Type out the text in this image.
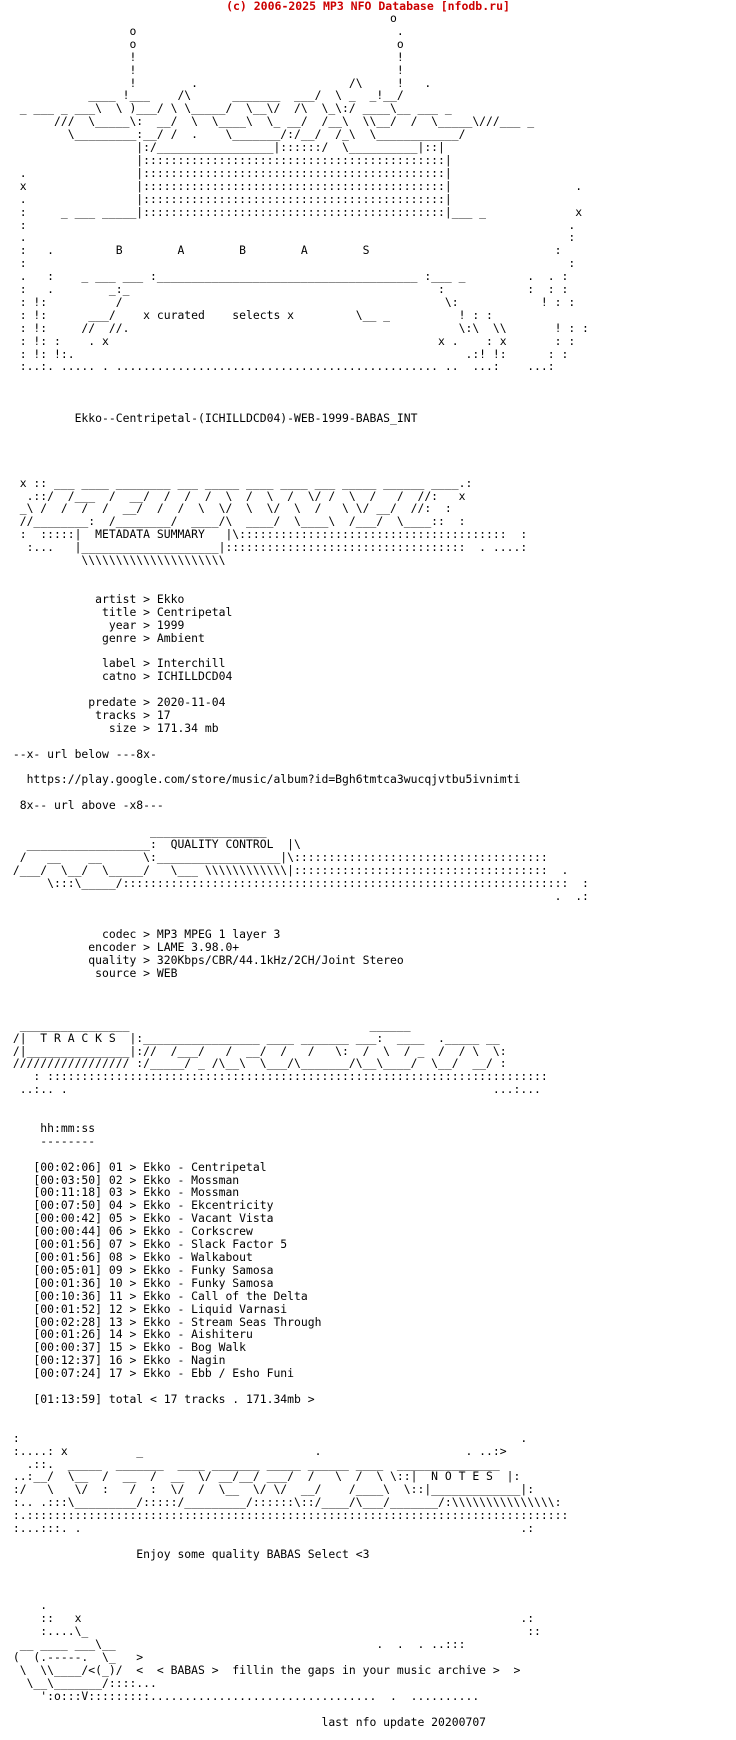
(c) 2006-2025 MP3 NFO Database [nfodb.ru]
o
o                                      .
o                                      o
!                                      !
!                                      !
!        .                      /\     !   .
____ !___    /\      _______  ___/  \ _  _!__/
_ ___ _ ___\  \ )___/ \ \_____/  \__\/  /\  \_\:/ ____\__ ___ _
///  \_____\:  __/  \  \____\  \_ __/  /__\  \\__/  /  \_____\///___ _
\_________:__/ /  .    \_______/:/__/  /_\  \____________/
|:/_________________|::::::/  \__________|::|
|::::::::::::::::::::::::::::::::::::::::::::|
.                |::::::::::::::::::::::::::::::::::::::::::::|
x                |::::::::::::::::::::::::::::::::::::::::::::|                  .
.                |::::::::::::::::::::::::::::::::::::::::::::|
:     _ ___ _____|::::::::::::::::::::::::::::::::::::::::::::|___ _             x
:                                                                               .
.                                                                               :
:   .         B        A        B        A        S                           :
:                                                                               :
.   :    _ ___ ___ :______________________________________ :___ _         .  . :
:   .        _:_                                             :            :  : :
: !:          /                                               \:            ! : :
: !:      ___/    x curated    selects x         \__ _          ! : :
: !:     //  //.                                                \:\  \\       ! : :
: !: :    . x                                                x .    : x       : :
: !: !:.                                                         .:! !:      : :
:..:. ..... . ............................................... ..  ...:    ...:

Ekko--Centripetal-(ICHILLDCD04)-WEB-1999-BABAS_INT

x :: ___ ____ ________ ___ _____ ____ ____ ___ _____ ______ ____.:
.::/  /___  /  __/  /  /  /  \  /  \  /  \/ /  \  /   /  //:   x
_\ /  /  /  /  __/  /  /  \  \/  \  \/  \  /   \ \/ __/  //:  :
//________:  /________/  ____/\  ____/  \____\  /___/  \____::  :
:  :::::|  METADATA SUMMARY   |\:::::::::::::::::::::::::::::::::::::::  :
:...   |____________________|:::::::::::::::::::::::::::::::::::  . ....:
\\\\\\\\\\\\\\\\\\\\\

artist > Ekko
title > Centripetal
year > 1999
genre > Ambient

label > Interchill
catno > ICHILLDCD04

predate > 2020-11-04
tracks > 17
size > 171.34 mb

--x- url below ---8x-

https://play.google.com/store/music/album?id=Bgh6tmtca3wucqjvtbu5ivnimti

8x-- url above -x8---

_________________
__________________:  QUALITY CONTROL  |\
/   __    __      \:__________________|\:::::::::::::::::::::::::::::::::::::
/___/  \__/  \_____/   \___ \\\\\\\\\\\\|:::::::::::::::::::::::::::::::::::::  .
\:::\_____/:::::::::::::::::::::::::::::::::::::::::::::::::::::::::::::::::  :
.  .:

codec > MP3 MPEG 1 layer 3
encoder > LAME 3.98.0+
quality > 320Kbps/CBR/44.1kHz/2CH/Joint Stereo
source > WEB

________________                                   ______
/|  T R A C K S  |:_________________ ____ _______ ___:  ____  ._____ __
/|_______________|://  /___/   /  __/  /   /   \:  /  \  / _  /  / \  \:
///////////////// :/_____/ _ /\__\  \___/\_______/\__\____/  \__/  __/ :
: :::::::::::::::::::::::::::::::::::::::::::::::::::::::::::::::::::::::::
..:.. .                                                              ...:...

hh:mm:ss
--------

[00:02:06] 01 > Ekko - Centripetal
[00:03:50] 02 > Ekko - Mossman
[00:11:18] 03 > Ekko - Mossman
[00:07:50] 04 > Ekko - Ekcentricity
[00:00:42] 05 > Ekko - Vacant Vista
[00:00:44] 06 > Ekko - Corkscrew
[00:01:56] 07 > Ekko - Slack Factor 5
[00:01:56] 08 > Ekko - Walkabout
[00:05:01] 09 > Ekko - Funky Samosa
[00:01:36] 10 > Ekko - Funky Samosa
[00:10:36] 11 > Ekko - Call of the Delta
[00:01:52] 12 > Ekko - Liquid Varnasi
[00:02:28] 13 > Ekko - Stream Seas Through
[00:01:26] 14 > Ekko - Aishiteru
[00:00:37] 15 > Ekko - Bog Walk
[00:12:37] 16 > Ekko - Nagin
[00:07:24] 17 > Ekko - Ebb / Esho Funi

[01:13:59] total < 17 tracks . 171.34mb >

:                                                                         .
:....: x          _                         .                     . ..:>
.::.  _____  _______  ____ _______ _____ ______ ____  _______________
..:__/  \__  /  __  /  __  \/ __/__/ ___/  /   \  /  \ \::|  N O T E S  |:
:/   \   \/  :   /  :  \/  /  \__  \/ \/  __/    /____\  \::|_____________|:
:.. .:::\_________/:::::/_________/::::::\::/____/\___/_______/:\\\\\\\\\\\\\\\:
:.:::::::::::::::::::::::::::::::::::::::::::::::::::::::::::::::::::::::::::::::
:...:::. .                                                                .:

Enjoy some quality BABAS Select <3

.
::   x                                                                .:
:....\_                                                                ::
__ ____ ___\__                                      .  .  . ..:::
(  (.-----.  \_   >
\  \\____/<(_)/  <  < BABAS >  fillin the gaps in your music archive >  >
\__\_______/::::...
':o:::V:::::::::.................................  .  ..........

last nfo update 20200707
